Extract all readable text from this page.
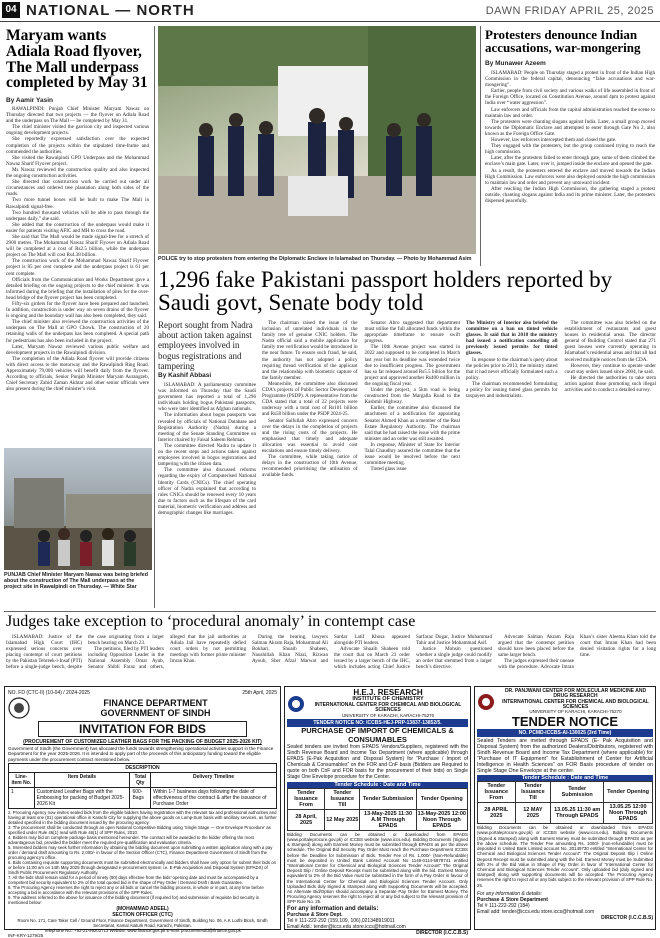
04 NATIONAL — NORTH	DAWN FRIDAY APRIL 25, 2025
Maryam wants Adiala Road flyover, The Mall underpass completed by May 31
By Aamir Yasin

RAWALPINDI: Punjab Chief Minister Maryam Nawaz on Thursday directed that two projects — the flyover on Adiala Road and the underpass on The Mall — be completed by May 31.

The chief minister visited the garrison city and inspected various ongoing development projects.

She reportedly expressed satisfaction over the expected completion of the projects within the stipulated time-frame and commended the authorities.

She visited the Rawalpindi GPO Underpass and the Mohammad Nawaz Sharif Flyover project.

Ms Nawaz reviewed the construction quality and also inspected the ongoing construction activities.

She directed that construction work be carried out under all circumstances and ordered tree plantation along both sides of the roads.

Two more tunnel boxes will be built to make The Mall in Rawalpindi signal-free.

Two hundred thousand vehicles will be able to pass through the underpass daily,” she said.

She added that the construction of the underpass would make it easier for patients visiting AFIC and MH to cross the road.

She said that The Mall would be made signal-free for a stretch of 2900 metres. The Mohammad Nawaz Sharif Flyover on Adiala Road will be completed at a cost of Rs2.5 billion, while the underpass project on The Mall will cost Rs4.38 billion.

The construction work of the Mohammad Nawaz Sharif Flyover project is 85 per cent complete and the underpass project is 61 per cent complete.

Officials from the Communication and Works Department gave a detailed briefing on the ongoing projects to the chief minister. It was informed during the briefing that the installation of piles for the over-head bridge of the flyover project has been completed.

Fifty-six girders for the flyover have been prepared and launched. In addition, construction is under way on seven drains of the flyover is ongoing and the boundary wall has also been completed, they said.

The chief minister also reviewed the construction activities of the underpass on The Mall at GPO Chowk. The construction of 20 retaining walls of the underpass has been completed. A special path for pedestrians has also been included in the project.

Later, Maryam Nawaz reviewed various public welfare and development projects in the Rawalpindi division.

The completion of the Adiala Road flyover will provide citizens with direct access to the motorway and the Rawalpindi Ring Road. Approximately 79,000 vehicles will benefit daily from the flyover. According to officials, Senior Punjab Minister Maryam Aurangzeb, Chief Secretary Zahid Zaman Akhtar and other senior officials were also present during the chief minister’s visit.

PUNJAB Chief Minister Maryam Nawaz was being briefed about the construction of The Mall underpass at the project site in Rawalpindi on Thursday. — White Star
POLICE try to stop protesters from entering the Diplomatic Enclave in Islamabad on Thursday. — Photo by Mohammad Asim
Protesters denounce Indian accusations, war-mongering
By Munawer Azeem

ISLAMABAD: People on Thursday staged a protest in front of the Indian High Commission in the federal capital, denouncing “false accusations and war-mongering”.

Earlier, people from civil society and various walks of life assembled in front of the Foreign Office, located on Constitution Avenue, around 4pm to protest against India over “water aggression”.

Law enforcers and officials from the capital administration reached the scene to maintain law and order.

The protesters were chanting slogans against India. Later, a small group moved towards the Diplomatic Enclave and attempted to enter through Gate No 2, also known as the Foreign Office Gate.

However, law enforcers intercepted them and closed the gate.

They engaged with the protesters, but the group continued trying to reach the high commission.

Later, after the protesters failed to enter through gate, some of them climbed the enclave’s main gate. Later, over it, jumped inside the enclave and opened the gate.

As a result, the protesters entered the enclave and moved towards the Indian High Commission. Law enforcers were also deployed outside the high commission to maintain law and order and prevent any untoward incident.

After reaching the Indian High Commission, the gathering staged a protest outside, chanting slogans against India and its prime minister. Later, the protesters dispersed peacefully.

1,296 fake Pakistani passport holders reported by Saudi govt, Senate body told
Report sought from Nadra about action taken against employees involved in bogus registrations and tampering
By Kashif Abbasi

ISLAMABAD: A parliamentary committee was informed on Thursday that the Saudi government has reported a total of 1,296 individuals holding bogus Pakistani passports, who were later identified as Afghan nationals.

The information about bogus passports was revealed by officials of National Database and Registration Authority (Nadra) during a meeting of the Senate Standing Committee on Interior chaired by Faisal Saleem Rehman.

The committee directed Nadra to update it on the recent steps and actions taken against employees involved in bogus registrations and tampering with the citizen data.

The committee also discussed reforms regarding the expiry of Computerised National Identity Cards (CNICs). The chief operating officer of Nadra explained that according to rules CNICs should be renewed every 10 years due to factors such as the lifespan of the card material, biometric verification and address and demographic changes like marriages.

The chairman raised the issue of the inclusion of unrelated individuals in the family tree of genuine CNIC holders. The Nadra official said a mobile application for family tree verification would be introduced in the near future. To ensure such fraud, he said, the authority has not adopted a policy requiring thread verification of the applicant and the relationship with biometric capture of the family member.

Meanwhile, the committee also discussed CDA’s projects of Public Sector Development Programme (PSDP). A representative from the CDA stated that a total of 22 projects were underway with a total cost of Rs101 billion and Rs58 billion under the PSDP 2024-25.

Senator Saifullah Abro expressed concern over the delays in the completion of projects and the rising costs of the projects. He emphasised that timely and adequate allocation was essential to avoid cost escalations and ensure timely delivery.

The committee, while taking notice of delays in the construction of 10th Avenue, recommended prioritising the utilisation of available funds.

Senator Abro suggested that department must utilise the full allocated funds within the appropriate timeframe to ensure swift progress.

The 10th Avenue project was started in 2022 and supposed to be completed in March last year but its deadline was extended twice due to insufficient progress. The government has so far released around Rs5.5 billion for the project and approved another Rs400 million in the ongoing fiscal year.

Under the project, a 5km road is being constructed from the Margalla Road to the Kashmir Highway.

Earlier, the committee also discussed the attachment of a notification for appointing Senator Ahmed Khan as a member of the Real Estate Regulatory Authority. The chairman said that he had raised the issue with the prime minister and an order was still awaited.

In response, Minister of State for Interior Talal Chaudhry assured the committee that the issue would be resolved before the next committee meeting.

Tinted glass issue

The Ministry of Interior also briefed the committee on a ban on tinted vehicle glasses. It said that in 2018 the ministry had issued a notification cancelling all previously issued permits for tinted glasses.

In response to the chairman’s query about the policies prior to 2013, the ministry stated that it had never officially formulated such a policy.

The chairman recommended formulating a policy for issuing tinted glass permits for taxpayers and industrialists.

The committee was also briefed on the establishment of restaurants and guest houses in residential areas. The director general of Building Control stated that 271 guest houses were currently operating in Islamabad’s residential areas and that all had received multiple notices from the CDA.

However, they continue to operate under court stay orders issued since 2004, he said.

He directed the authorities to take stern action against those promoting such illegal activities and to conduct a detailed survey.

Judges take exception to ‘procedural anomaly’ in contempt case

ISLAMABAD: Justice of the Islamabad High Court (IHC) expressed serious concerns over placing contempt of court petitions by the Pakistan Tehreek-i-Insaf (PTI) before a single-judge bench, despite the case originating from a larger bench hearing on March 23.

The petitions, filed by PTI leaders including Opposition Leader in the National Assembly Omar Ayub, Senator Shibli Faraz and others, alleged that the jail authorities at Adiala Jail have repeatedly defied court orders by not permitting meetings with former prime minister Imran Khan.

During the hearing, lawyers Salman Akram Raja, Mohammad Ali Bokhari, Shoaib Shaheen, Naushillah Khan Niazi, Rizwan Ayoub, Sher Afzal Marwat and Sardar Latif Khosa appeared alongside PTI leaders.

Advocate Shoaib Shaheen told the court that on March 23 order issued by a larger bench of the IHC, which includes acting Chief Justice Sarfaraz Dogar, Justice Muhammad Tahir and Justice Mohammad Asif.

Justice Mohsin questioned whether a single judge could modify an order that stemmed from a larger bench’s directive.

Advocate Salman Akram Raja argued that the contempt petition should have been placed before the same larger bench.

The judges expressed their unease with the procedure. Advocate Imran Khan’s sister Aleema Khan told the court that Imran Khan had been denied visitation rights for a long time.

NO. FD (CTC-II) (10-04) / 2024-2025	25th April, 2025
FINANCE DEPARTMENT
GOVERNMENT OF SINDH
INVITATION FOR BIDS
(PROCUREMENT OF CUSTOMIZED LEATHER BAGS FOR THE PACKING OF BUDGET 2025-2026 KIT)
Government of Sindh (the Government) has allocated the funds towards strengthening operational activities support in the Finance Department for the year 2025-2026. It is intended to apply part of the proceeds of this anticipatory funding toward the eligible payments under the procurement contract mentioned below.
DESCRIPTION			
Line- item No.	Item Details	Total Qty	Delivery Timeline
1	Customized Leather Bags with the Embossing for packing of Budget 2025-2026 Kit	600-Bags	Within 1-7 business days following the date of effectiveness of the contract & after the issuance of Purchase Order
2. Procuring Agency now invites sealed bids from the eligible bidders having registration with the relevant tax and professional authorities and having at least one (01) operational office in Karachi City for supplying the above goods on Lump-Sum basis with ancillary services, as further detailed specified in the bidding document issued by the procuring agency.
3. The procurement shall be conducted through an open National Competitive Bidding using ‘Single Stage — One Envelope Procedure’ as specified under Rule 46(1) read with Rule 46(1) of SPP Rules, 2010.
4. Bidders may bid on complete package basis mentioned hereunder. The contract will be awarded to the bidder offering the most advantageous bid, provided the bidder meet the required pre-qualification and evaluation criteria.
5. Interested bidders may seek further information by obtaining the bidding document upon submitting a written application along with a pay order / demand draft amounting to Rs. 2,000/- in favour of the Section Officer (CTC), Finance Department Government of Sindh from the procuring agency’s office.
6. Bids containing requisite supporting documents must be submitted electronically and bidders shall have only option for submit their bids on or before 11:00 am on 14th May 2025 through designated e-procurement system i.e. E-Pak Acquisition and Disposal System (EPADS) of Sindh Public Procurement Regulatory Authority.
7. All the bids shall remain valid for a period of ninety (90) days effective from the bids’ opening date and must be accompanied by a competent bid security equivalent to 2% of the total quoted bid in the shape of Pay Order / Demand Draft / Bank Guarantee.
8. The Procuring Agency reserves the right to reject any or all bids or cancel the bidding process, in whole or in part, at any time before accepting a bid in accordance with the relevant provisions of the SPP Rules.
9. The address referred to the above for issuance of the bidding document (if required for) and submission of requisite bid security is mentioned below:
(MOHAMMAD ADEEL)
SECTION OFFICER (CTC)
Room No. 171, Care Taker Cell / Ground Floor, Finance Department, Government of Sindh, Building No. 06, A.K Lodhi Block, Sindh Secretariat, Kamal Ataturk Road, Karachi, Pakistan.
Telephone No.: +92-21-99203713 Website: www.finance.gos.pk E-mail: procurementfd@finance.gos.pk
INF-KRY-1279/25
H.E.J. RESEARCH
INSTITUTE OF CHEMISTRY
INTERNATIONAL CENTER FOR CHEMICAL AND BIOLOGICAL SCIENCES
UNIVERSITY OF KARACHI, KARACHI-75270
TENDER NOTICE NO: ICCBS-HEJ-PRP-13837-13852/5.
PURCHASE OF IMPORT OF CHEMICALS & CONSUMABLES
Sealed tenders are invited from EPADS Vendors/Suppliers, registered with the Sindh Revenue Board and Income Tax Department (where applicable) through EPADS (E-Pak Acquisition and Disposal System) for “Purchase / Import of Chemicals & Consumables” on the FOR and CnF basis (Bidders are Required to quote on both CnF and FOR basis for the procurement of their bids) on Single Stage One Envelope procedure for the Center.
Tender Schedule : Date and Time
Tender Issuance From	Tender Issuance Till	Tender Submission	Tender Opening
28 April, 2025	12 May 2025	13-May-2025 11:30 A.M Through EPADS	13-May-2025 12:00 Noon Through EPADS
Bidding Documents can be obtained or downloaded from EPADS (www.portaleprocure.gov.pk) or ICCBS website (www.iccs.edu). Bidding Documents (Signed & Stamped) along with Earnest Money must be submitted through EPADS as per the above schedule. The Original Bid Security Pay Order Must reach the Purchase Department ICCBS before the Deadline for Submission of Bids. Tender Fee of Rs. 1,000/- (Non-Refundable) must be deposited in United Bank Limited Account No 1149-0114-5979741 entitled “International Center for Chemical and Biological Sciences Tender Account” The Original Deposit Slip / Online Deposit Receipt must be submitted along with the bid. Earnest Money equivalent to 2% of the Bid Value must be submitted in the form of a Pay Order in favour of the International Center for Chemical and Biological Sciences Tender Account. Only Uploaded Bids duly Signed & Stamped along with Supporting Documents will be accepted. An Alternate Bid/Option should accompany a Separate Pay Order for Earnest Money. The Procuring Agency reserves the right to reject all or any bid subject to the relevant provision of SPP Rule No. 25.
For any information and details:
Purchase & Store Dept.
Tel # 111-222-292 (159,109, 106),021348919011
Email Add.: tender@iccs.edu store.iccs@hotmail.com
DIRECTOR (I.C.C.B.S)
DR. PANJWANI CENTER FOR MOLECULAR MEDICINE AND DRUG RESEARCH
INTERNATIONAL CENTER FOR CHEMICAL AND BIOLOGICAL SCIENCES
UNIVERSITY OF KARACHI, KARACHI-75270
TENDER NOTICE
NO. PCMD-ICCBS-AI-130025 (3rd Time)
Sealed Tenders are invited through EPADS (E- Pak Acquisition and Disposal System) from the authorized Dealers/Distributors, registered with Sindh Revenue Board and Income Tax Department (where applicable) for “Purchase of IT Equipment” for Establishment of Center for Artificial Intelligence in Health Sciences” on FOR Basis procedure of tender on Single Stage One Envelope at the center.
Tender Schedule : Date and Time
Tender Issuance From	Tender Issuance Till	Tender Submission	Tender Opening
28 APRIL 2025	12 MAY 2025	13.05.25 11:30 am Through EPADS	13.05.25 12:00 Noon Through EPADS
Bidding Documents can be obtained or downloaded from EPADS (www.portaleprocure.gov.pk) or ICCBS website (www.iccs.edu). Bidding Documents (Signed & Stamped) along with Earnest Money must be submitted through EPADS as per the above schedule. The Tender Fee amounting Rs. 1000/- (non-refundable) must be deposited in United Bank Limited account No. 20149730 entitled “International Center for Chemical and Biological Sciences Tender Account”. The Original Deposit Slip / Online Deposit Receipt must be submitted along with the bid. Earnest Money must be Submitted with 2% of the Bid Value in Shape of Pay Order in favor of “International Center for Chemical and Biological Sciences Tender Account”. Only uploaded bid (duly signed and stamped) along with supporting documents will be accepted. The Procuring Agency reserves the right to reject all or any bids subject to the relevant provision of SPP Rule No. 25.
For any information & details:
Purchase & Store Department
Tel # 111-222-292 (184)
Email add: tender@iccs.edu store.iccs@hotmail.com
DIRECTOR (I.C.C.B.S)
